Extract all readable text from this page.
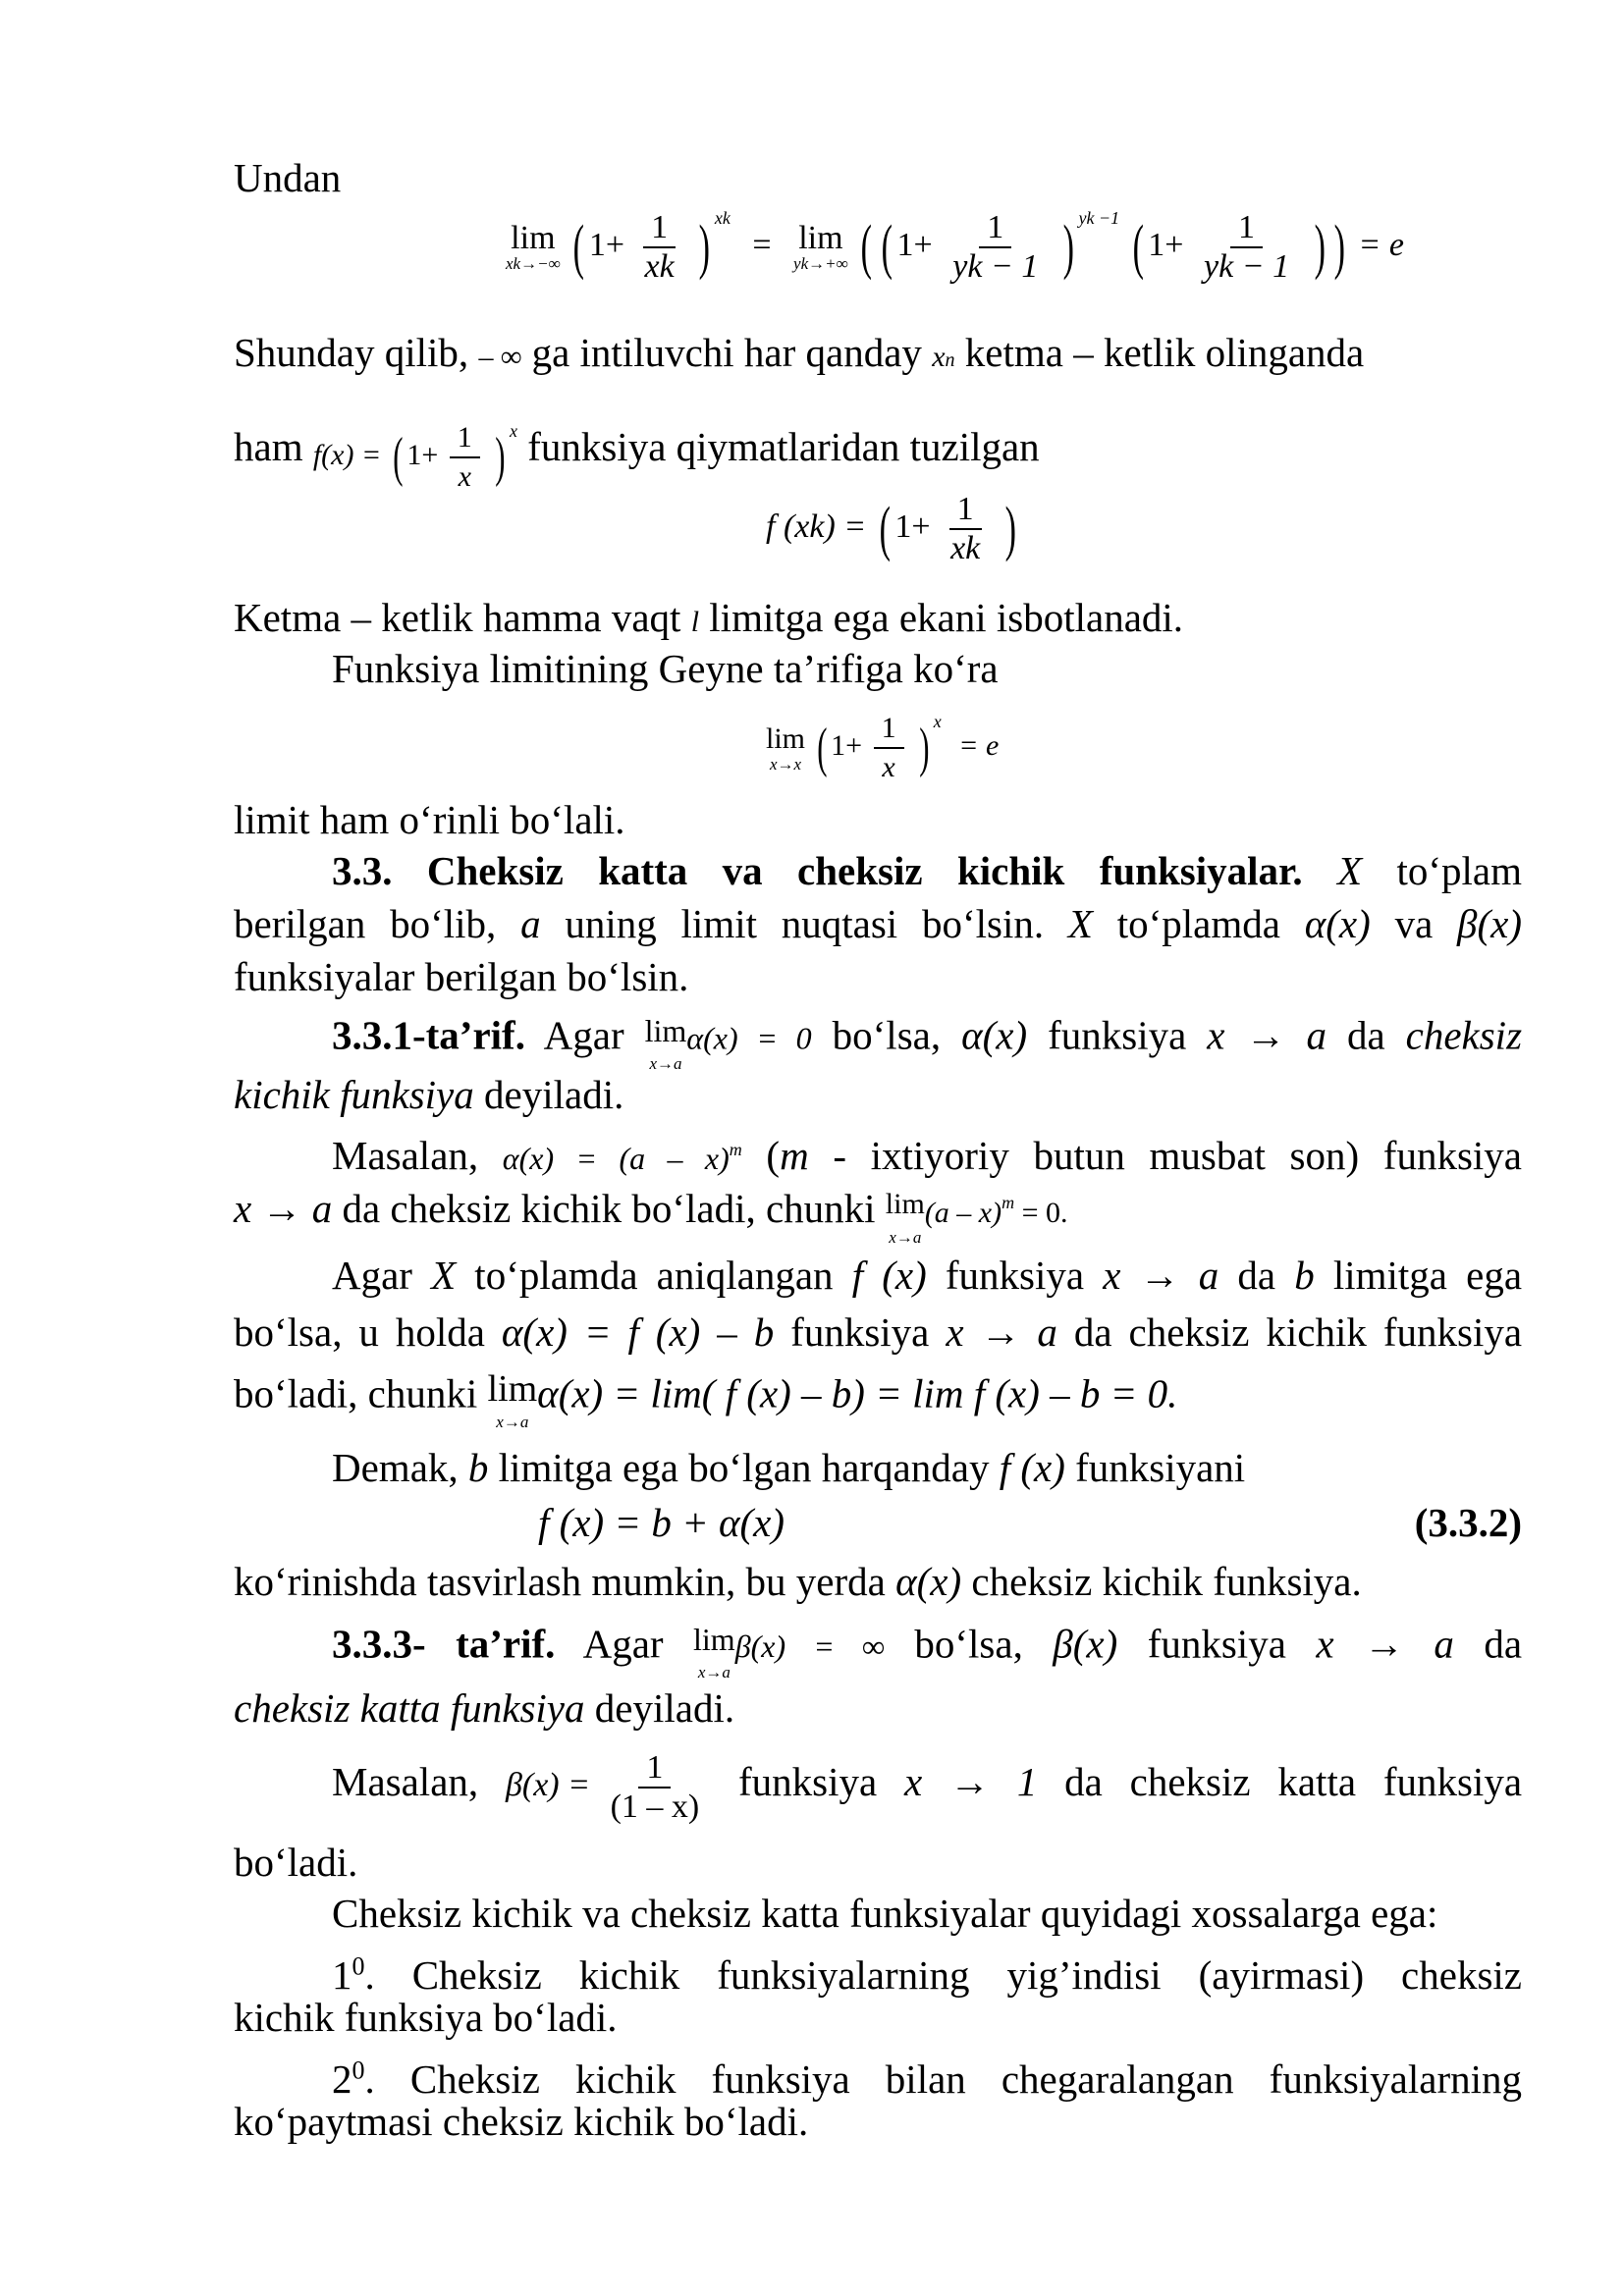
Undan
lim
xk→−∞ ( $1+ \frac{1}{xk}$ ) $^{xk}$ = lim
yk→+∞ ( ( $1+ \frac{1}{yk - 1}$ ) $^{yk -1}$ ( $1+ \frac{1}{yk - 1}$ ) ) = e
Shunday qilib, – ∞ ga intiluvchi har qanday xn ketma – ketlik olinganda
ham f(x) = ( $1+ \frac{1}{x}$ ) $^x$ funksiya qiymatlaridan tuzilgan
f (xk) = ( $1+ \frac{1}{xk}$ )
Ketma – ketlik hamma vaqt l limitga ega ekani isbotlanadi.
Funksiya limitining Geyne ta’rifiga ko‘ra
lim
x→x ( $1+ \frac{1}{x}$ ) $^x$ = e
limit ham o‘rinli bo‘lali.
3.3. Cheksiz katta va cheksiz kichik funksiyalar. X to‘plam
berilgan bo‘lib, a uning limit nuqtasi bo‘lsin. X to‘plamda α(x) va β(x)
funksiyalar berilgan bo‘lsin.
3.3.1-ta’rif. Agar lim
x→a
α(x) = 0 bo‘lsa, α(x) funksiya x → a da cheksiz
kichik funksiya deyiladi.
Masalan, α(x) = (a – x)$^m$ (m - ixtiyoriy butun musbat son) funksiya
x → a da cheksiz kichik bo‘ladi, chunki lim
x→a
(a – x)$^m$ = 0.
Agar X to‘plamda aniqlangan f (x) funksiya x → a da b limitga ega
bo‘lsa, u holda α(x) = f (x) – b funksiya x → a da cheksiz kichik funksiya
bo‘ladi, chunki lim
x→a
α(x) = lim( f (x) – b) = lim f (x) – b = 0.
Demak, b limitga ega bo‘lgan harqanday f (x) funksiyani
f (x) = b + α(x)	(3.3.2)
ko‘rinishda tasvirlash mumkin, bu yerda α(x) cheksiz kichik funksiya.
3.3.3- ta’rif. Agar lim
x→a
β(x) = ∞ bo‘lsa, β(x) funksiya x → a da
cheksiz katta funksiya deyiladi.
Masalan, $\beta(x) = \frac{1}{(1 - x)}$ funksiya x → 1 da cheksiz katta funksiya
bo‘ladi.
Cheksiz kichik va cheksiz katta funksiyalar quyidagi xossalarga ega:
$1^0$. Cheksiz kichik funksiyalarning yig’indisi (ayirmasi) cheksiz
kichik funksiya bo‘ladi.
$2^0$. Cheksiz kichik funksiya bilan chegaralangan funksiyalarning
ko‘paytmasi cheksiz kichik bo‘ladi.
